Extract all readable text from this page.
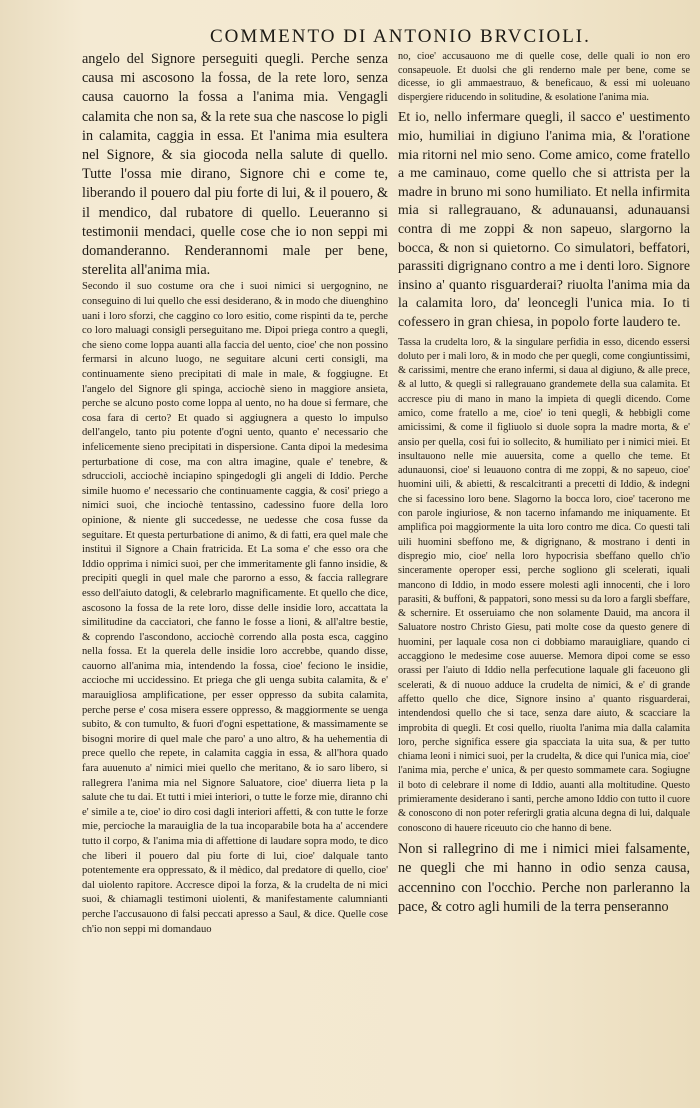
COMMENTO DI ANTONIO BRVCIOLI.

angelo del Signore perseguiti quegli. Perche senza causa mi ascosono la fossa, de la rete loro, senza causa cauorno la fossa a l'anima mia. Vengagli calamita che non sa, & la rete sua che nascose lo pigli in calamita, caggia in essa. Et l'anima mia esultera nel Signore, & sia giocoda nella salute di quello. Tutte l'ossa mie dirano, Signore chi e come te, liberando il pouero dal piu forte di lui, & il pouero, & il mendico, dal rubatore di quello. Leueranno si testimonii mendaci, quelle cose che io non seppi mi domanderanno. Renderannomi male per bene, sterelita all'anima mia.

Secondo il suo costume ora che i suoi nimici si uergognino, ne conseguino di lui quello che essi desiderano, & in modo che diuenghino uani i loro sforzi, che caggino co loro esitio, come rispinti da te, perche co loro maluagi consigli perseguitano me. Dipoi priega contro a quegli, che sieno come loppa auanti alla faccia del uento, cioe' che non possino fermarsi in alcuno luogo, ne seguitare alcuni certi consigli, ma continuamente sieno precipitati di male in male, & foggiugne. Et l'angelo del Signore gli spinga, acciochè sieno in maggiore ansieta, perche se alcuno posto come loppa al uento, no ha doue si fermare, che cosa fara di certo? Et quado si aggiugnera a questo lo impulso dell'angelo, tanto piu potente d'ogni uento, quanto e' necessario che infelicemente sieno precipitati in dispersione. Canta dipoi la medesima perturbatione di cose, ma con altra imagine, quale e' tenebre, & sdruccioli, acciochè inciapino spingedogli gli angeli di Iddio. Perche simile huomo e' necessario che continuamente caggia, & cosi' priego a nimici suoi, che inciochè tentassino, cadessino fuore della loro opinione, & niente gli succedesse, ne uedesse che cosa fusse da seguitare. Et questa perturbatione di animo, & di fatti, era quel male che instituì il Signore a Chain fratricida. Et La soma e' che esso ora che Iddio opprima i nimici suoi, per che immeritamente gli fanno insidie, & precipiti quegli in quel male che parorno a esso, & faccia rallegrare esso dell'aiuto datogli, & celebrarlo magnificamente. Et quello che dice, ascosono la fossa de la rete loro, disse delle insidie loro, accattata la similitudine da cacciatori, che fanno le fosse a lioni, & all'altre bestie, & coprendo l'ascondono, acciochè correndo alla posta esca, caggino nella fossa. Et la querela delle insidie loro accrebbe, quando disse, cauorno all'anima mia, intendendo la fossa, cioe' feciono le insidie, accioche mi uccidessino. Et priega che gli uenga subita calamita, & e' marauigliosa amplificatione, per esser oppresso da subita calamita, perche perse e' cosa misera essere oppresso, & maggiormente se uenga subito, & con tumulto, & fuori d'ogni espettatione, & massimamente se bisogni morire di quel male che paro' a uno altro, & ha uehementia di prece quello che repete, in calamita caggia in essa, & all'hora quado fara auuenuto a' nimici miei quello che meritano, & io saro libero, si rallegrera l'anima mia nel Signore Saluatore, cioe' diuerra lieta p la salute che tu dai. Et tutti i miei interiori, o tutte le forze mie, diranno chi e' simile a te, cioe' io diro cosi dagli interiori affetti, & con tutte le forze mie, percioche la marauiglia de la tua incoparabile bota ha a' accendere tutto il corpo, & l'anima mia di affettione di laudare sopra modo, te dico che liberi il pouero dal piu forte di lui, cioe' dalquale tanto potentemente era oppressato, & il mèdico, dal predatore di quello, cioe' dal uiolento rapitore. Accresce dipoi la forza, & la crudelta de ni mici suoi, & chiamagli testimoni uiolenti, & manifestamente calumnianti perche l'accusauono di falsi peccati apresso a Saul, & dice. Quelle cose ch'io non seppi mi domandauo

no, cioe' accusauono me di quelle cose, delle quali io non ero consapeuole. Et duolsi che gli renderno male per bene, come se dicesse, io gli ammaestrauo, & beneficauo, & essi mi uoleuano dispergiere riducendo in solitudine, & esolatione l'anima mia.

Et io, nello infermare quegli, il sacco e' uestimento mio, humiliai in digiuno l'anima mia, & l'oratione mia ritorni nel mio seno. Come amico, come fratello a me caminauo, come quello che si attrista per la madre in bruno mi sono humiliato. Et nella infirmita mia si rallegrauano, & adunauansi, adunauansi contra di me zoppi & non sapeuo, slargorno la bocca, & non si quietorno. Co simulatori, beffatori, parassiti digrignano contro a me i denti loro. Signore insino a' quanto risguarderai? riuolta l'anima mia da la calamita loro, da' leoncegli l'unica mia. Io ti cofessero in gran chiesa, in popolo forte laudero te.

Tassa la crudelta loro, & la singulare perfidia in esso, dicendo essersi doluto per i mali loro, & in modo che per quegli, come congiuntissimi, & carissimi, mentre che erano infermi, si daua al digiuno, & alle prece, & al lutto, & quegli si rallegrauano grandemete della sua calamita. Et accresce piu di mano in mano la impieta di quegli dicendo. Come amico, come fratello a me, cioe' io teni quegli, & hebbigli come amicissimi, & come il figliuolo si duole sopra la madre morta, & e' ansio per quella, cosi fui io sollecito, & humiliato per i nimici miei. Et insultauono nelle mie auuersita, come a quello che teme. Et adunauonsi, cioe' si leuauono contra di me zoppi, & no sapeuo, cioe' huomini uili, & abietti, & rescalcitranti a precetti di Iddio, & indegni che si facessino loro bene. Slagorno la bocca loro, cioe' tacerono me con parole ingiuriose, & non tacerno infamando me iniquamente. Et amplifica poi maggiormente la uita loro contro me dica. Co questi tali uili huomini sbeffono me, & digrignano, & mostrano i denti in dispregio mio, cioe' nella loro hypocrisia sbeffano quello ch'io sinceramente operoper essi, perche sogliono gli scelerati, iquali mancono di Iddio, in modo essere molesti agli innocenti, che i loro parasiti, & buffoni, & pappatori, sono messi su da loro a fargli sbeffare, & schernire. Et osseruiamo che non solamente Dauid, ma ancora il Saluatore nostro Christo Giesu, pati molte cose da questo genere di huomini, per laquale cosa non ci dobbiamo marauigliare, quando ci accaggiono le medesime cose auuerse. Memora dipoi come se esso orassi per l'aiuto di Iddio nella perfecutione laquale gli faceuono gli scelerati, & di nuouo adduce la crudelta de nimici, & e' di grande affetto quello che dice, Signore insino a' quanto risguarderai, intendendosi quello che si tace, senza dare aiuto, & scacciare la improbita di quegli. Et cosi quello, riuolta l'anima mia dalla calamita loro, perche significa essere gia spacciata la uita sua, & per tutto chiama leoni i nimici suoi, per la crudelta, & dice qui l'unica mia, cioe' l'anima mia, perche e' unica, & per questo sommamete cara. Sogiugne il boto di celebrare il nome di Iddio, auanti alla moltitudine. Questo primieramente desiderano i santi, perche amono Iddio con tutto il cuore & conoscono di non poter referirgli gratia alcuna degna di lui, dalquale conoscono di hauere riceuuto cio che hanno di bene.

Non si rallegrino di me i nimici miei falsamente, ne quegli che mi hanno in odio senza causa, accennino con l'occhio. Perche non parleranno la pace, & cotro agli humili de la terra penseranno
